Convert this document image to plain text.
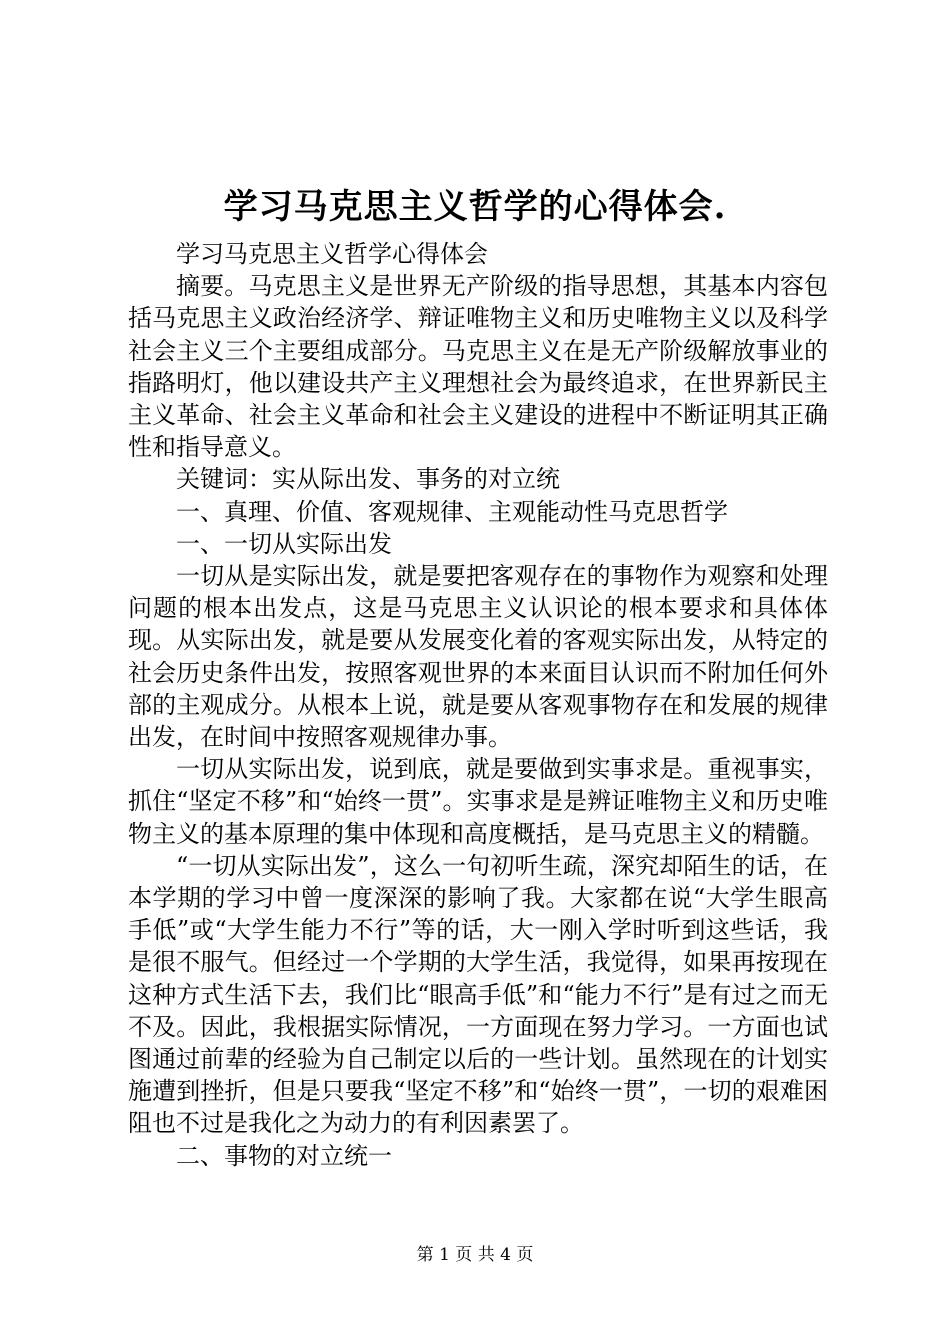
学习马克思主义哲学的心得体会.

学习马克思主义哲学心得体会

摘要。马克思主义是世界无产阶级的指导思想，其基本内容包括马克思主义政治经济学、辩证唯物主义和历史唯物主义以及科学社会主义三个主要组成部分。马克思主义在是无产阶级解放事业的指路明灯，他以建设共产主义理想社会为最终追求，在世界新民主主义革命、社会主义革命和社会主义建设的进程中不断证明其正确性和指导意义。

关键词：实从际出发、事务的对立统

一、真理、价值、客观规律、主观能动性马克思哲学

一、一切从实际出发

一切从是实际出发，就是要把客观存在的事物作为观察和处理问题的根本出发点，这是马克思主义认识论的根本要求和具体体现。从实际出发，就是要从发展变化着的客观实际出发，从特定的社会历史条件出发，按照客观世界的本来面目认识而不附加任何外部的主观成分。从根本上说，就是要从客观事物存在和发展的规律出发，在时间中按照客观规律办事。

一切从实际出发，说到底，就是要做到实事求是。重视事实，抓住“坚定不移”和“始终一贯”。实事求是是辨证唯物主义和历史唯物主义的基本原理的集中体现和高度概括，是马克思主义的精髓。

“一切从实际出发”，这么一句初听生疏，深究却陌生的话，在本学期的学习中曾一度深深的影响了我。大家都在说“大学生眼高手低”或“大学生能力不行”等的话，大一刚入学时听到这些话，我是很不服气。但经过一个学期的大学生活，我觉得，如果再按现在这种方式生活下去，我们比“眼高手低”和“能力不行”是有过之而无不及。因此，我根据实际情况，一方面现在努力学习。一方面也试图通过前辈的经验为自己制定以后的一些计划。虽然现在的计划实施遭到挫折，但是只要我“坚定不移”和“始终一贯”，一切的艰难困阻也不过是我化之为动力的有利因素罢了。

二、事物的对立统一

第 1 页 共 4 页
